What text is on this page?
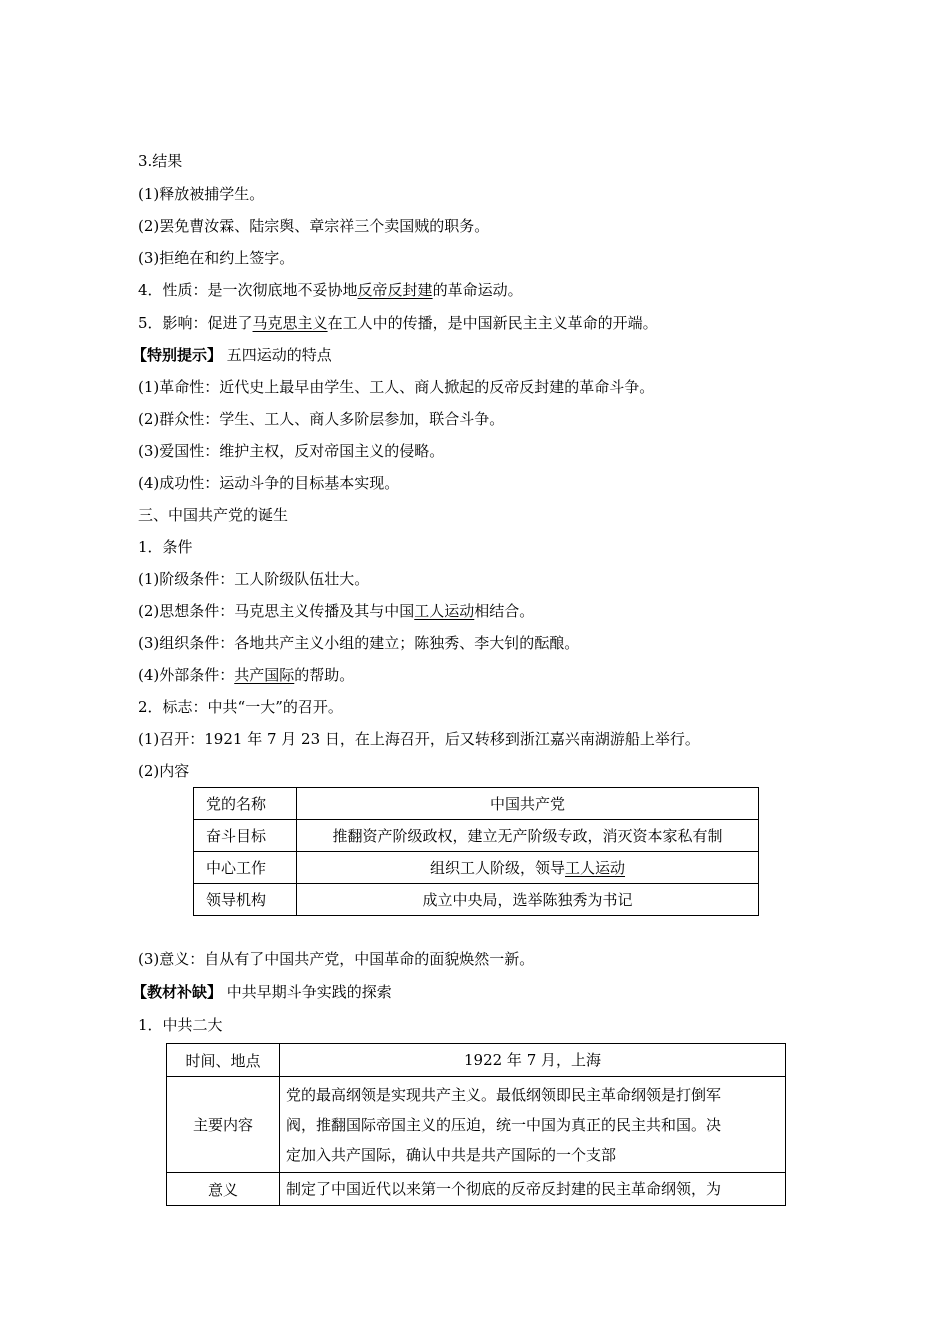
3.结果
(1)释放被捕学生。
(2)罢免曹汝霖、陆宗舆、章宗祥三个卖国贼的职务。
(3)拒绝在和约上签字。
4．性质：是一次彻底地不妥协地反帝反封建的革命运动。
5．影响：促进了马克思主义在工人中的传播，是中国新民主主义革命的开端。
【特别提示】 五四运动的特点
(1)革命性：近代史上最早由学生、工人、商人掀起的反帝反封建的革命斗争。
(2)群众性：学生、工人、商人多阶层参加，联合斗争。
(3)爱国性：维护主权，反对帝国主义的侵略。
(4)成功性：运动斗争的目标基本实现。
三、中国共产党的诞生
1．条件
(1)阶级条件：工人阶级队伍壮大。
(2)思想条件：马克思主义传播及其与中国工人运动相结合。
(3)组织条件：各地共产主义小组的建立；陈独秀、李大钊的酝酿。
(4)外部条件：共产国际的帮助。
2．标志：中共“一大”的召开。
(1)召开：1921 年 7 月 23 日，在上海召开，后又转移到浙江嘉兴南湖游船上举行。
(2)内容
党的名称	中国共产党
奋斗目标	推翻资产阶级政权，建立无产阶级专政，消灭资本家私有制
中心工作	组织工人阶级，领导工人运动
领导机构	成立中央局，选举陈独秀为书记
(3)意义：自从有了中国共产党，中国革命的面貌焕然一新。
【教材补缺】 中共早期斗争实践的探索
1．中共二大
时间、地点	1922 年 7 月，上海
主要内容	党的最高纲领是实现共产主义。最低纲领即民主革命纲领是打倒军
阀，推翻国际帝国主义的压迫，统一中国为真正的民主共和国。决
定加入共产国际，确认中共是共产国际的一个支部

意义	制定了中国近代以来第一个彻底的反帝反封建的民主革命纲领，为
